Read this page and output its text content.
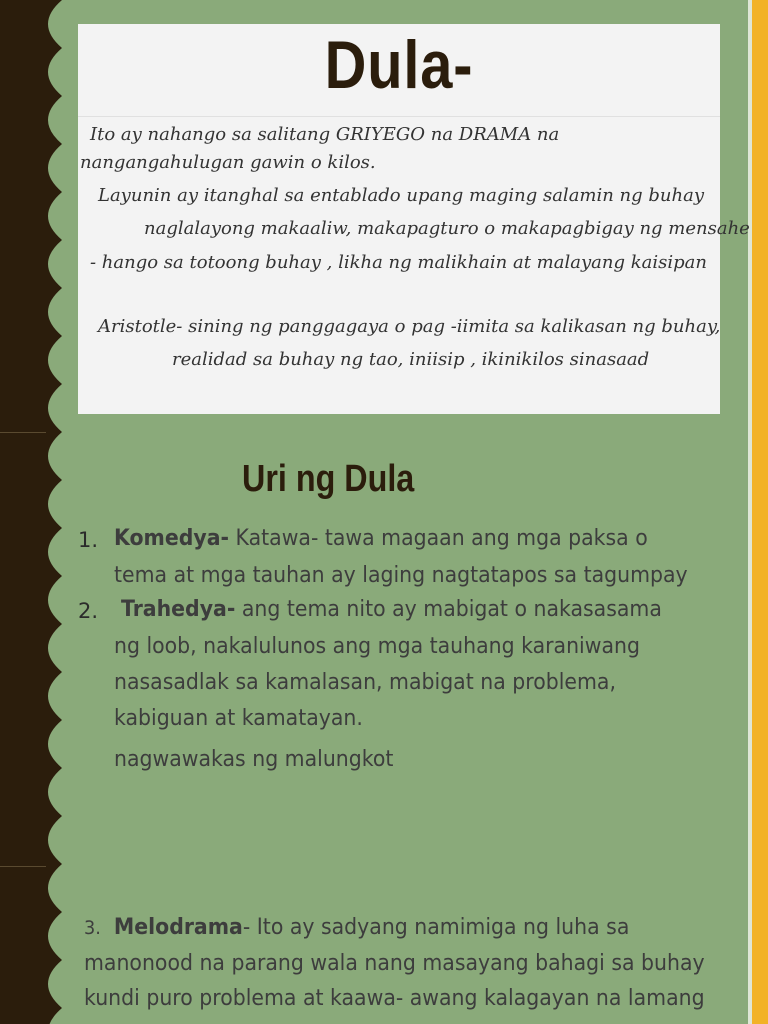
Dula-
Ito ay nahango sa salitang GRIYEGO na DRAMA na
nangangahulugan gawin o kilos.
Layunin ay itanghal sa entablado upang maging salamin ng buhay
naglalayong makaaliw, makapagturo o makapagbigay ng mensahe
- hango sa totoong buhay , likha ng malikhain at malayang kaisipan
Aristotle- sining ng panggagaya o pag -iimita sa kalikasan ng buhay,
realidad sa buhay ng tao, iniisip , ikinikilos sinasaad
Uri ng Dula
1. Komedya- Katawa- tawa magaan ang mga paksa o
tema at mga tauhan ay laging nagtatapos sa tagumpay
2. Trahedya- ang tema nito ay mabigat o nakasasama
ng loob, nakalulunos ang mga tauhang karaniwang
nasasadlak sa kamalasan, mabigat na problema,
kabiguan at kamatayan.
nagwawakas ng malungkot
3. Melodrama- Ito ay sadyang namimiga ng luha sa
manonood na parang wala nang masayang bahagi sa buhay
kundi puro problema at kaawa- awang kalagayan na lamang
